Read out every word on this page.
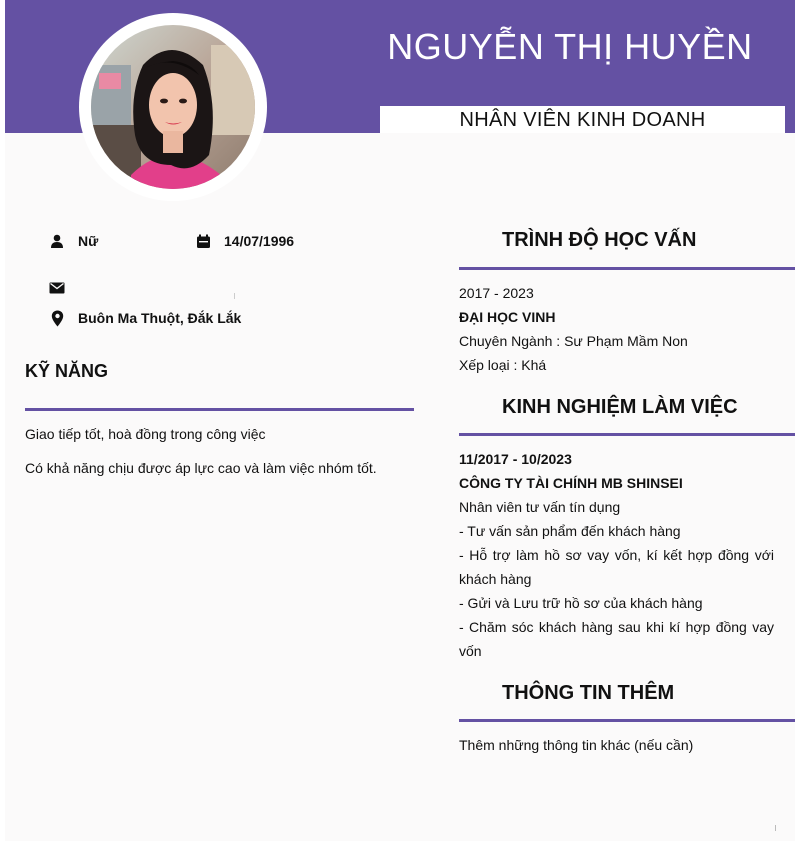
NGUYỄN THỊ HUYỀN
NHÂN VIÊN KINH DOANH
Nữ	14/07/1996
Buôn Ma Thuột, Đắk Lắk
KỸ NĂNG
Giao tiếp tốt, hoà đồng trong công việc
Có khả năng chịu được áp lực cao và làm việc nhóm tốt.
TRÌNH ĐỘ HỌC VẤN
2017 - 2023
ĐẠI HỌC VINH
Chuyên Ngành : Sư Phạm Mầm Non
Xếp loại : Khá
KINH NGHIỆM LÀM VIỆC
11/2017 - 10/2023
CÔNG TY TÀI CHÍNH MB SHINSEI
Nhân viên tư vấn tín dụng
- Tư vấn sản phẩm đến khách hàng
- Hỗ trợ làm hồ sơ vay vốn, kí kết hợp đồng với khách hàng
- Gửi và Lưu trữ hồ sơ của khách hàng
- Chăm sóc khách hàng sau khi kí hợp đồng vay vốn
THÔNG TIN THÊM
Thêm những thông tin khác (nếu cần)
